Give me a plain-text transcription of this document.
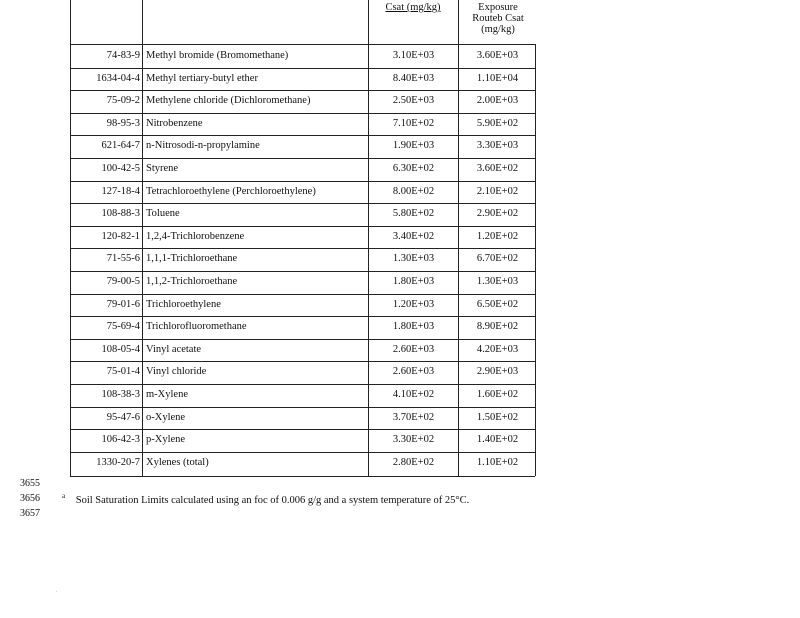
Csat (mg/kg)	Exposure
Routeb Csat
(mg/kg)
74-83-9 Methyl bromide (Bromomethane)	3.10E+03	3.60E+03
1634-04-4 Methyl tertiary-butyl ether	8.40E+03	1.10E+04
75-09-2 Methylene chloride (Dichloromethane)	2.50E+03	2.00E+03
98-95-3 Nitrobenzene	7.10E+02	5.90E+02
621-64-7 n-Nitrosodi-n-propylamine	1.90E+03	3.30E+03
100-42-5 Styrene	6.30E+02	3.60E+02
127-18-4 Tetrachloroethylene (Perchloroethylene)	8.00E+02	2.10E+02
108-88-3 Toluene	5.80E+02	2.90E+02
120-82-1 1,2,4-Trichlorobenzene	3.40E+02	1.20E+02
71-55-6 1,1,1-Trichloroethane	1.30E+03	6.70E+02
79-00-5 1,1,2-Trichloroethane	1.80E+03	1.30E+03
79-01-6 Trichloroethylene	1.20E+03	6.50E+02
75-69-4 Trichlorofluoromethane	1.80E+03	8.90E+02
108-05-4 Vinyl acetate	2.60E+03	4.20E+03
75-01-4 Vinyl chloride	2.60E+03	2.90E+03
108-38-3 m-Xylene	4.10E+02	1.60E+02
95-47-6 o-Xylene	3.70E+02	1.50E+02
106-42-3 p-Xylene	3.30E+02	1.40E+02
1330-20-7 Xylenes (total)	2.80E+02	1.10E+02
3655
3656
3657
$^a$ Soil Saturation Limits calculated using an foc of 0.006 g/g and a system temperature of 25°C.
.
